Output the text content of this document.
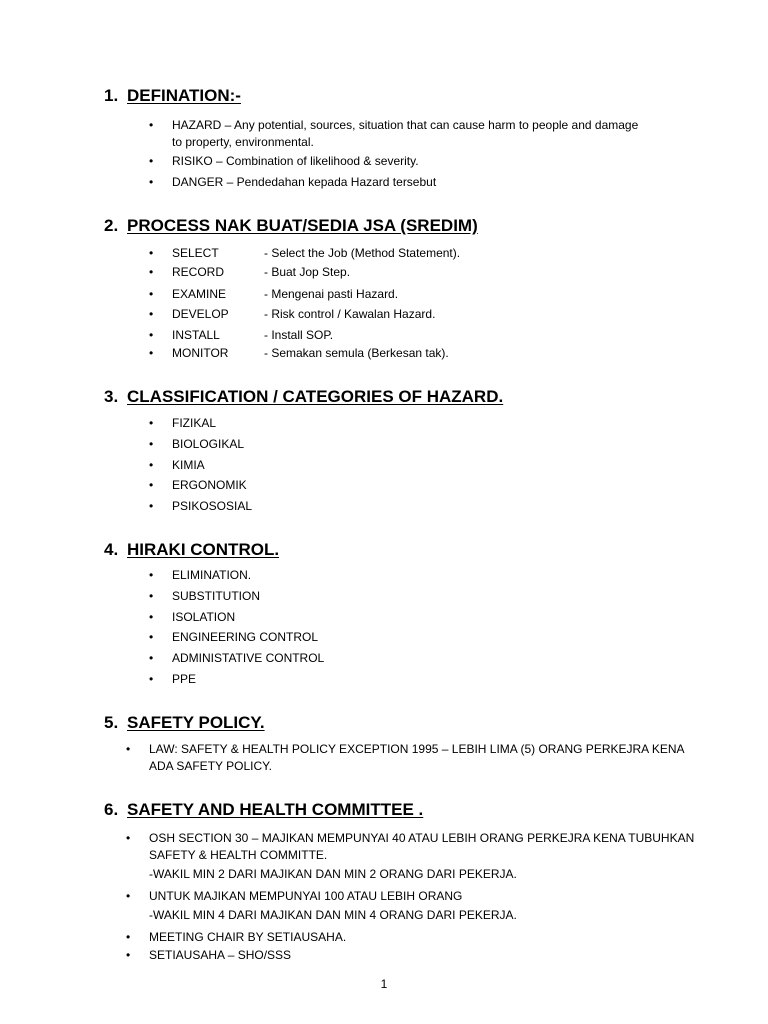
1. DEFINATION:-
• HAZARD – Any potential, sources, situation that can cause harm to people and damage
to property, environmental.
• RISIKO – Combination of likelihood & severity.
• DANGER – Pendedahan kepada Hazard tersebut
2. PROCESS NAK BUAT/SEDIA JSA (SREDIM)
• SELECT	- Select the Job (Method Statement).
• RECORD	- Buat Jop Step.
• EXAMINE	- Mengenai pasti Hazard.
• DEVELOP	- Risk control / Kawalan Hazard.
• INSTALL	- Install SOP.
• MONITOR	- Semakan semula (Berkesan tak).
3. CLASSIFICATION / CATEGORIES OF HAZARD.
• FIZIKAL
• BIOLOGIKAL
• KIMIA
• ERGONOMIK
• PSIKOSOSIAL
4. HIRAKI CONTROL.
• ELIMINATION.
• SUBSTITUTION
• ISOLATION
• ENGINEERING CONTROL
• ADMINISTATIVE CONTROL
• PPE
5. SAFETY POLICY.
• LAW: SAFETY & HEALTH POLICY EXCEPTION 1995 – LEBIH LIMA (5) ORANG PERKEJRA KENA
ADA SAFETY POLICY.
6. SAFETY AND HEALTH COMMITTEE .
• OSH SECTION 30 – MAJIKAN MEMPUNYAI 40 ATAU LEBIH ORANG PERKEJRA KENA TUBUHKAN
SAFETY & HEALTH COMMITTE.
-WAKIL MIN 2 DARI MAJIKAN DAN MIN 2 ORANG DARI PEKERJA.
• UNTUK MAJIKAN MEMPUNYAI 100 ATAU LEBIH ORANG
-WAKIL MIN 4 DARI MAJIKAN DAN MIN 4 ORANG DARI PEKERJA.
• MEETING CHAIR BY SETIAUSAHA.
• SETIAUSAHA – SHO/SSS
1
